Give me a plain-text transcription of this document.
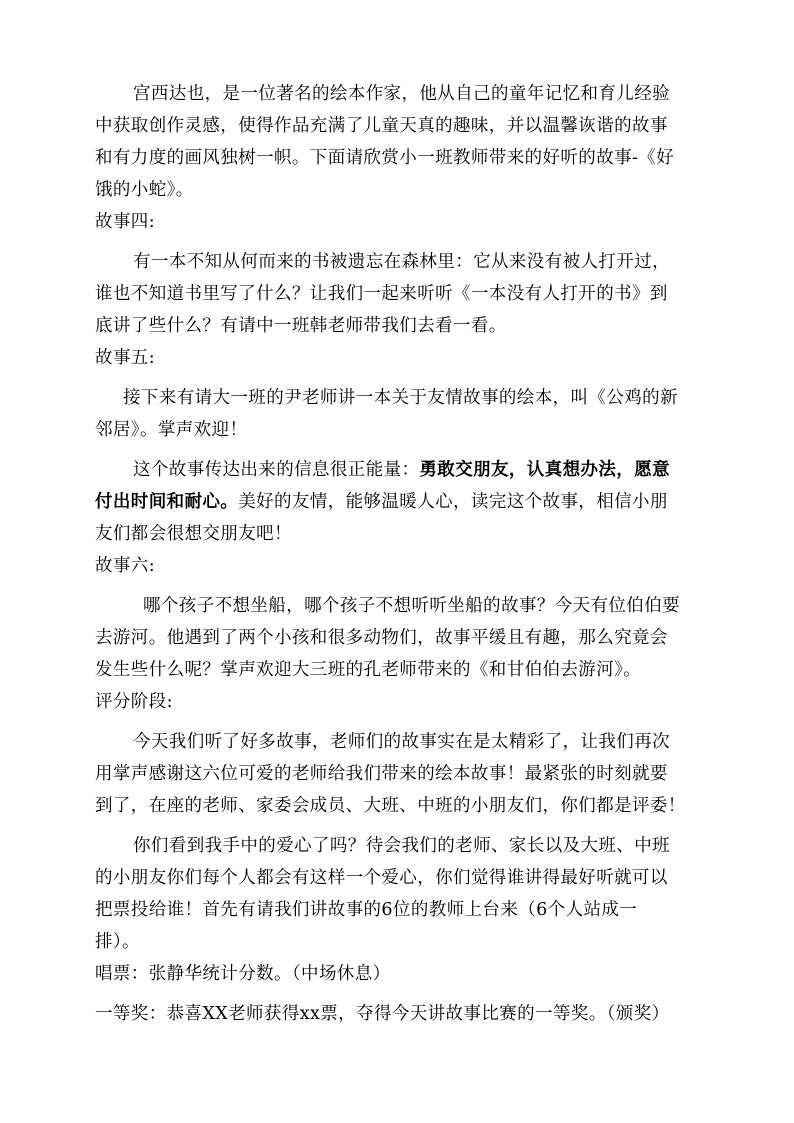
宫西达也，是一位著名的绘本作家，他从自己的童年记忆和育儿经验
中获取创作灵感，使得作品充满了儿童天真的趣味，并以温馨诙谐的故事
和有力度的画风独树一帜。下面请欣赏小一班教师带来的好听的故事-《好
饿的小蛇》。
故事四:
有一本不知从何而来的书被遗忘在森林里：它从来没有被人打开过，
谁也不知道书里写了什么？让我们一起来听听《一本没有人打开的书》到
底讲了些什么？有请中一班韩老师带我们去看一看。
故事五:
接下来有请大一班的尹老师讲一本关于友情故事的绘本，叫《公鸡的新
邻居》。掌声欢迎！
这个故事传达出来的信息很正能量：勇敢交朋友，认真想办法，愿意
付出时间和耐心。美好的友情，能够温暖人心，读完这个故事，相信小朋
友们都会很想交朋友吧！
故事六:
哪个孩子不想坐船，哪个孩子不想听听坐船的故事？今天有位伯伯要
去游河。他遇到了两个小孩和很多动物们，故事平缓且有趣，那么究竟会
发生些什么呢？掌声欢迎大三班的孔老师带来的《和甘伯伯去游河》。
评分阶段:
今天我们听了好多故事，老师们的故事实在是太精彩了，让我们再次
用掌声感谢这六位可爱的老师给我们带来的绘本故事！最紧张的时刻就要
到了，在座的老师、家委会成员、大班、中班的小朋友们，你们都是评委！
你们看到我手中的爱心了吗？待会我们的老师、家长以及大班、中班
的小朋友你们每个人都会有这样一个爱心，你们觉得谁讲得最好听就可以
把票投给谁！首先有请我们讲故事的6位的教师上台来（6个人站成一
排）。
唱票：张静华统计分数。（中场休息）
一等奖：恭喜XX老师获得xx票，夺得今天讲故事比赛的一等奖。（颁奖）
